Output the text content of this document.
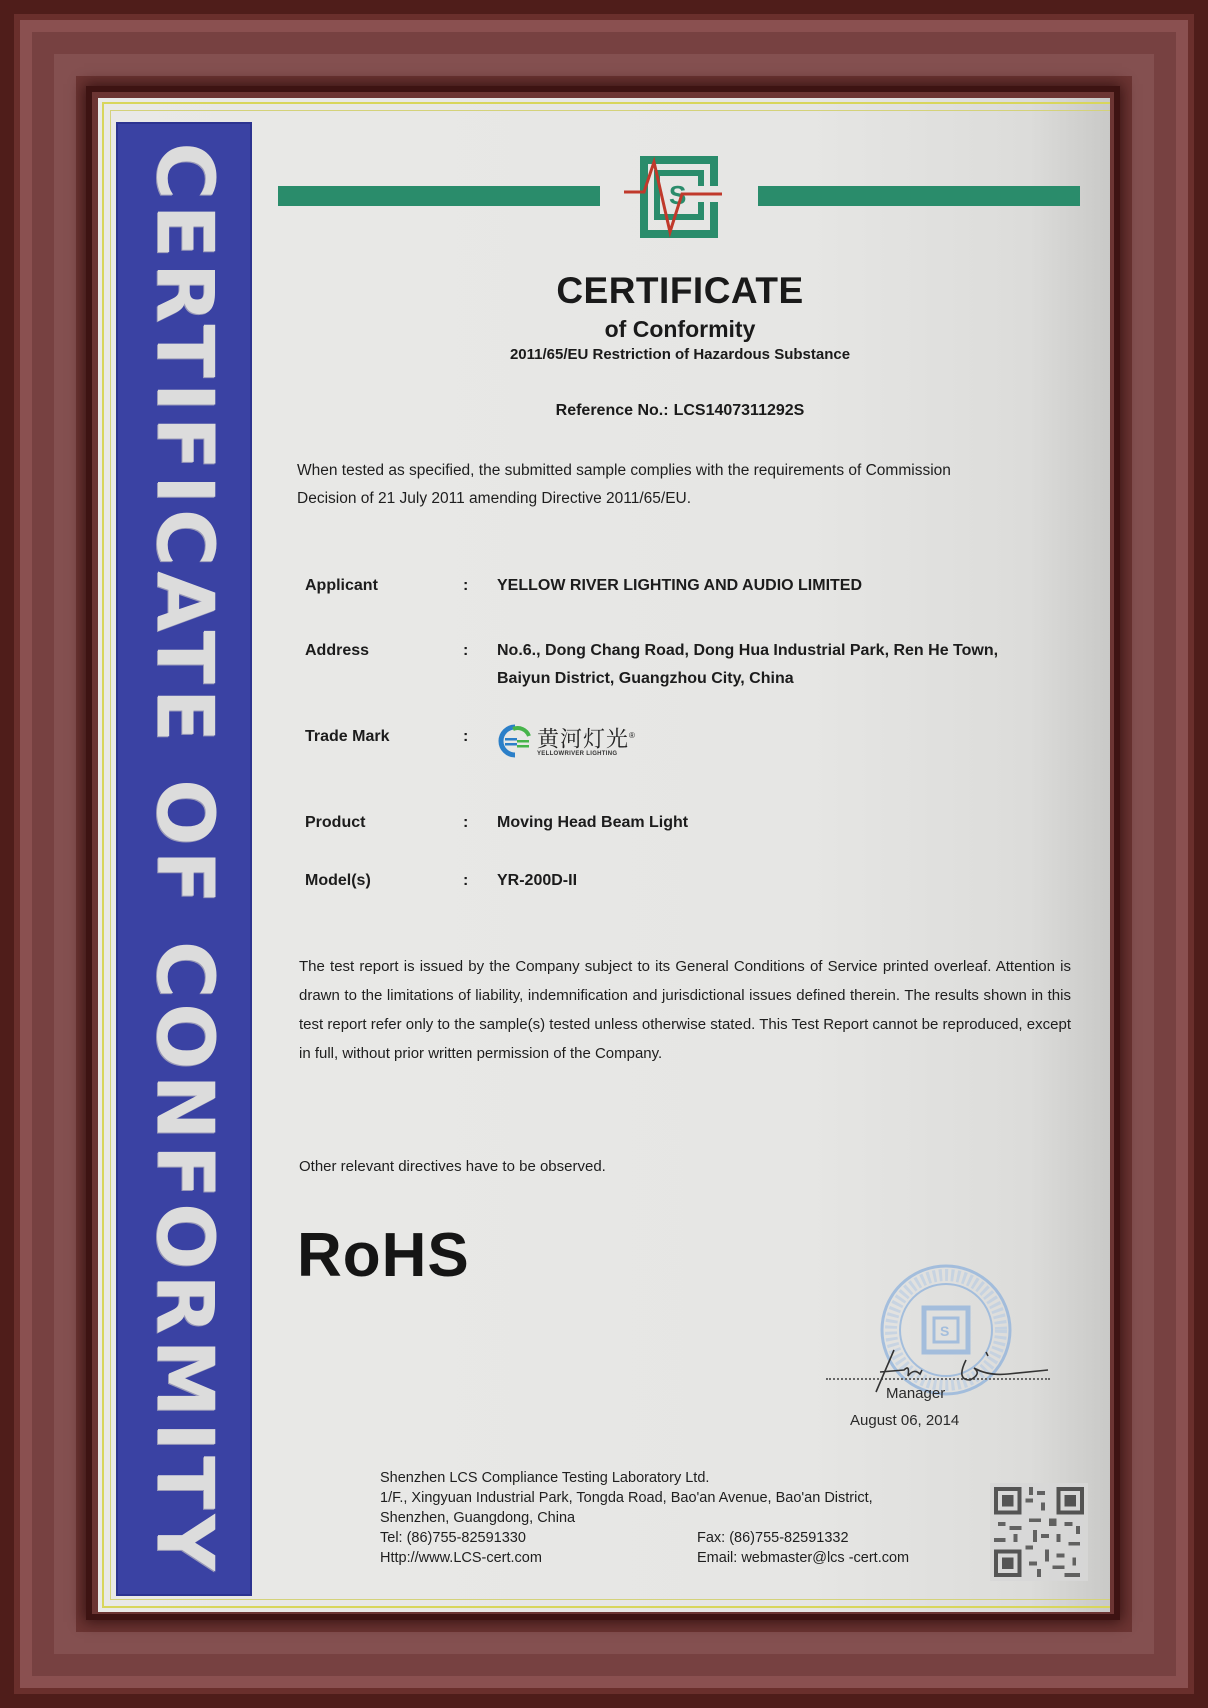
CERTIFICATE OF CONFORMITY	S
CERTIFICATE
of Conformity
2011/65/EU Restriction of Hazardous Substance
Reference No.: LCS1407311292S
When tested as specified, the submitted sample complies with the requirements of Commission
Decision of 21 July 2011 amending Directive 2011/65/EU.
Applicant	: YELLOW RIVER LIGHTING AND AUDIO LIMITED
Address	: No.6., Dong Chang Road, Dong Hua Industrial Park, Ren He Town,
Baiyun District, Guangzhou City, China
Trade Mark	:	黄河灯光®
YELLOWRIVER LIGHTING
Product	: Moving Head Beam Light
Model(s)	: YR-200D-II
The test report is issued by the Company subject to its General Conditions of Service printed overleaf. Attention is drawn to the limitations of liability, indemnification and jurisdictional issues defined therein. The results shown in this test report refer only to the sample(s) tested unless otherwise stated. This Test Report cannot be reproduced, except in full, without prior written permission of the Company.
Other relevant directives have to be observed.
RoHS
S
Manager
August 06, 2014
Shenzhen LCS Compliance Testing Laboratory Ltd.
1/F., Xingyuan Industrial Park, Tongda Road, Bao'an Avenue, Bao'an District,
Shenzhen, Guangdong, China
Tel: (86)755-82591330	Fax: (86)755-82591332
Http://www.LCS-cert.com	Email: webmaster@lcs -cert.com
